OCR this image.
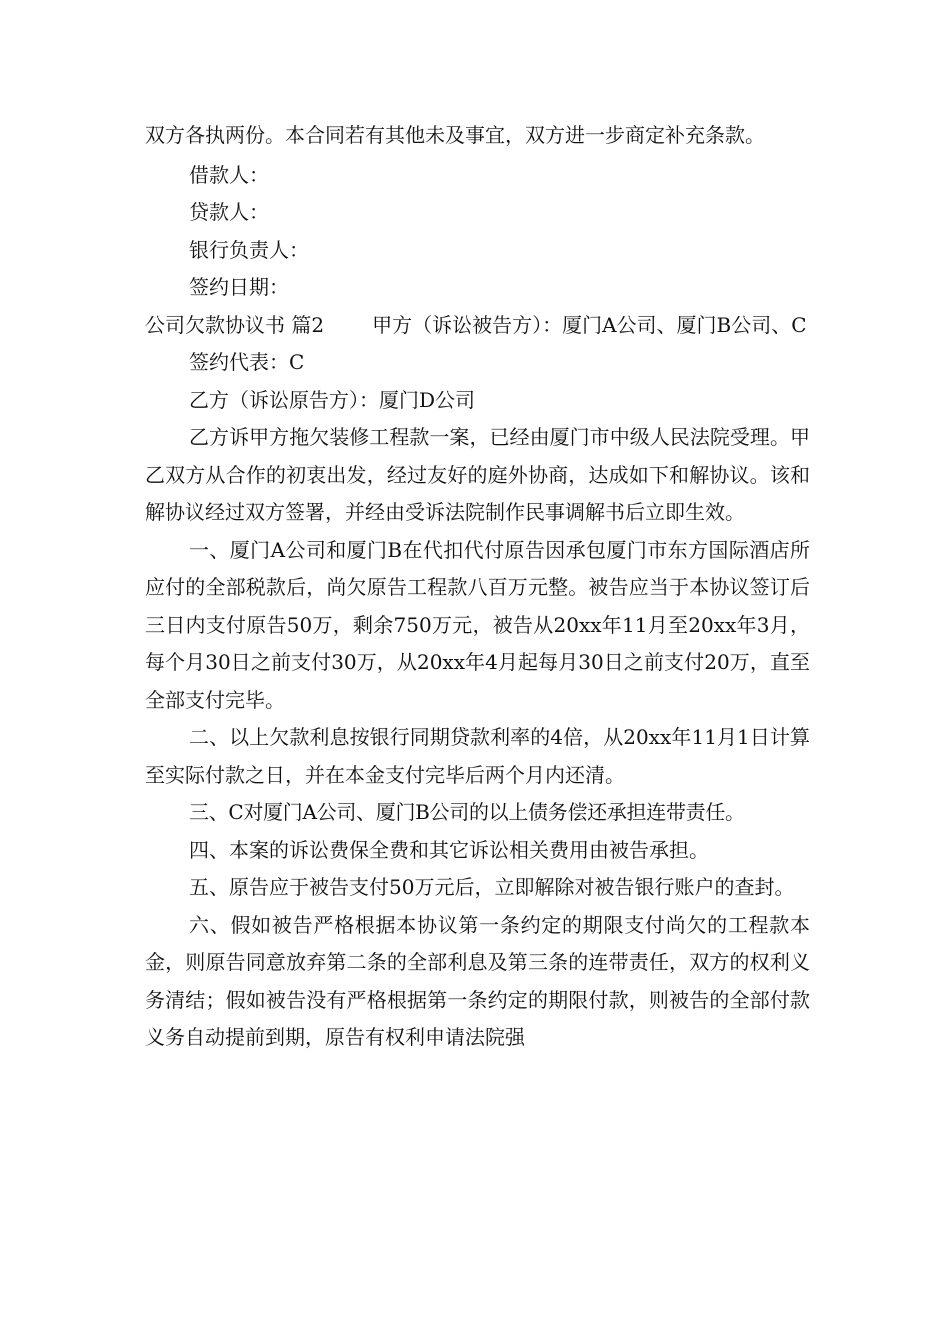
双方各执两份。本合同若有其他未及事宜，双方进一步商定补充条款。

借款人：
贷款人：
银行负责人：
签约日期：

公司欠款协议书 篇2 甲方（诉讼被告方）：厦门A公司、厦门B公司、C

签约代表：C
乙方（诉讼原告方）：厦门D公司

乙方诉甲方拖欠装修工程款一案，已经由厦门市中级人民法院受理。甲乙双方从合作的初衷出发，经过友好的庭外协商，达成如下和解协议。该和解协议经过双方签署，并经由受诉法院制作民事调解书后立即生效。

一、厦门A公司和厦门B在代扣代付原告因承包厦门市东方国际酒店所应付的全部税款后，尚欠原告工程款八百万元整。被告应当于本协议签订后三日内支付原告50万，剩余750万元，被告从20xx年11月至20xx年3月，每个月30日之前支付30万，从20xx年4月起每月30日之前支付20万，直至全部支付完毕。

二、以上欠款利息按银行同期贷款利率的4倍，从20xx年11月1日计算至实际付款之日，并在本金支付完毕后两个月内还清。

三、C对厦门A公司、厦门B公司的以上债务偿还承担连带责任。

四、本案的诉讼费保全费和其它诉讼相关费用由被告承担。

五、原告应于被告支付50万元后，立即解除对被告银行账户的查封。

六、假如被告严格根据本协议第一条约定的期限支付尚欠的工程款本金，则原告同意放弃第二条的全部利息及第三条的连带责任，双方的权利义务清结；假如被告没有严格根据第一条约定的期限付款，则被告的全部付款义务自动提前到期，原告有权利申请法院强
